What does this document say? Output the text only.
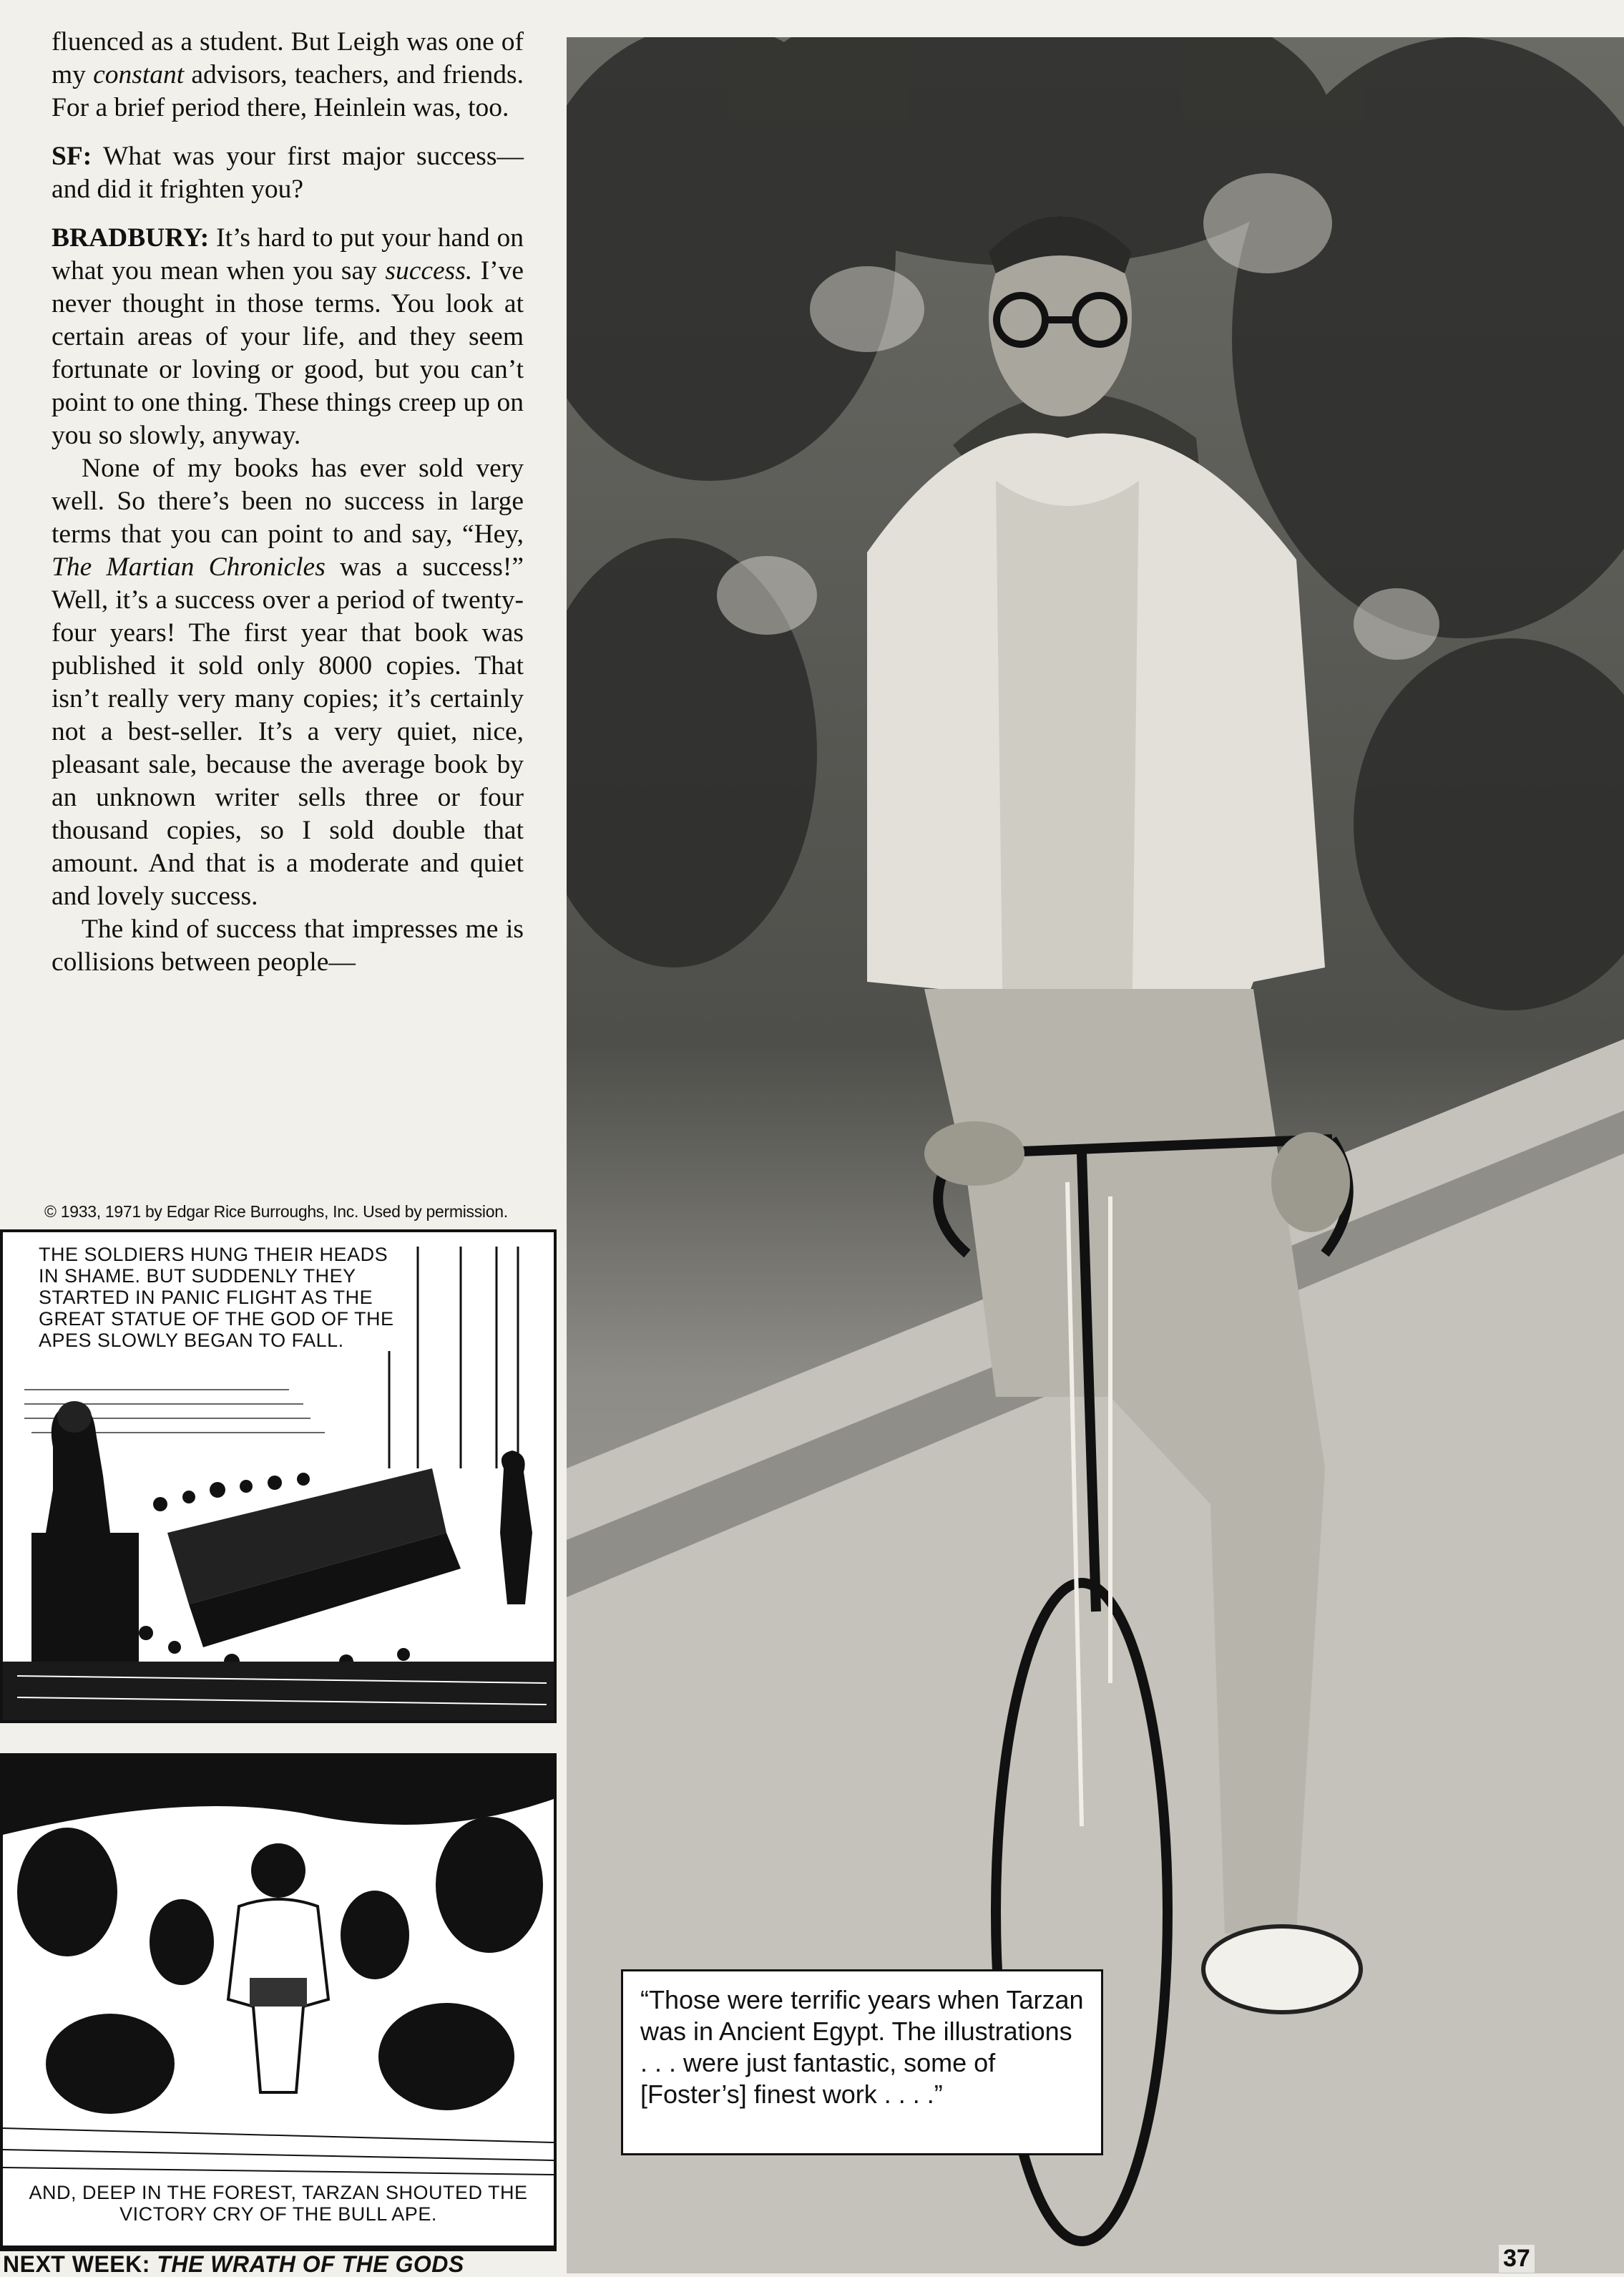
fluenced as a student. But Leigh was one of my constant advisors, teachers, and friends. For a brief period there, Heinlein was, too.

SF: What was your first major success— and did it frighten you?

BRADBURY: It’s hard to put your hand on what you mean when you say success. I’ve never thought in those terms. You look at certain areas of your life, and they seem fortunate or loving or good, but you can’t point to one thing. These things creep up on you so slowly, anyway.

None of my books has ever sold very well. So there’s been no success in large terms that you can point to and say, “Hey, The Martian Chronicles was a success!” Well, it’s a success over a period of twenty-four years! The first year that book was published it sold only 8000 copies. That isn’t really very many copies; it’s certainly not a best-seller. It’s a very quiet, nice, pleasant sale, because the average book by an unknown writer sells three or four thousand copies, so I sold double that amount. And that is a moderate and quiet and lovely success.

The kind of success that impresses me is collisions between people—

© 1933, 1971 by Edgar Rice Burroughs, Inc. Used by permission.
THE SOLDIERS HUNG THEIR HEADS IN SHAME. BUT SUDDENLY THEY STARTED IN PANIC FLIGHT AS THE GREAT STATUE OF THE GOD OF THE APES SLOWLY BEGAN TO FALL.
AND, DEEP IN THE FOREST, TARZAN SHOUTED THE VICTORY CRY OF THE BULL APE.
NEXT WEEK: THE WRATH OF THE GODS
“Those were terrific years when Tarzan was in Ancient Egypt. The illustrations . . . were just fantastic, some of [Foster’s] finest work . . . .”
37
